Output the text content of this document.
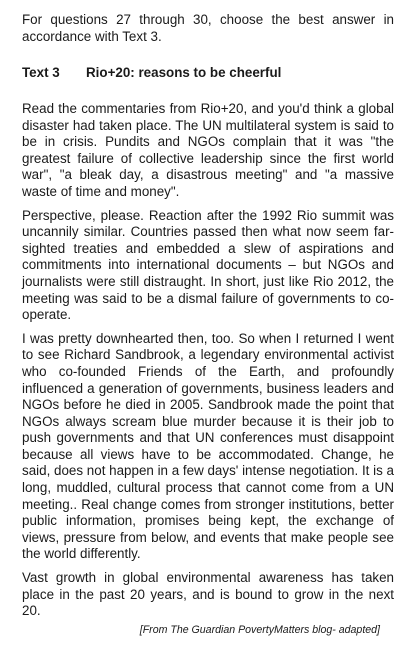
For questions 27 through 30, choose the best answer in accordance with Text 3.

Text 3	Rio+20: reasons to be cheerful

Read the commentaries from Rio+20, and you'd think a global disaster had taken place. The UN multilateral system is said to be in crisis. Pundits and NGOs complain that it was "the greatest failure of collective leadership since the first world war", "a bleak day, a disastrous meeting" and "a massive waste of time and money".

Perspective, please. Reaction after the 1992 Rio summit was uncannily similar. Countries passed then what now seem far-sighted treaties and embedded a slew of aspirations and commitments into international documents – but NGOs and journalists were still distraught. In short, just like Rio 2012, the meeting was said to be a dismal failure of governments to co-operate.

I was pretty downhearted then, too. So when I returned I went to see Richard Sandbrook, a legendary environmental activist who co-founded Friends of the Earth, and profoundly influenced a generation of governments, business leaders and NGOs before he died in 2005. Sandbrook made the point that NGOs always scream blue murder because it is their job to push governments and that UN conferences must disappoint because all views have to be accommodated. Change, he said, does not happen in a few days' intense negotiation. It is a long, muddled, cultural process that cannot come from a UN meeting.. Real change comes from stronger institutions, better public information, promises being kept, the exchange of views, pressure from below, and events that make people see the world differently.

Vast growth in global environmental awareness has taken place in the past 20 years, and is bound to grow in the next 20.

[From The Guardian PovertyMatters blog- adapted]
